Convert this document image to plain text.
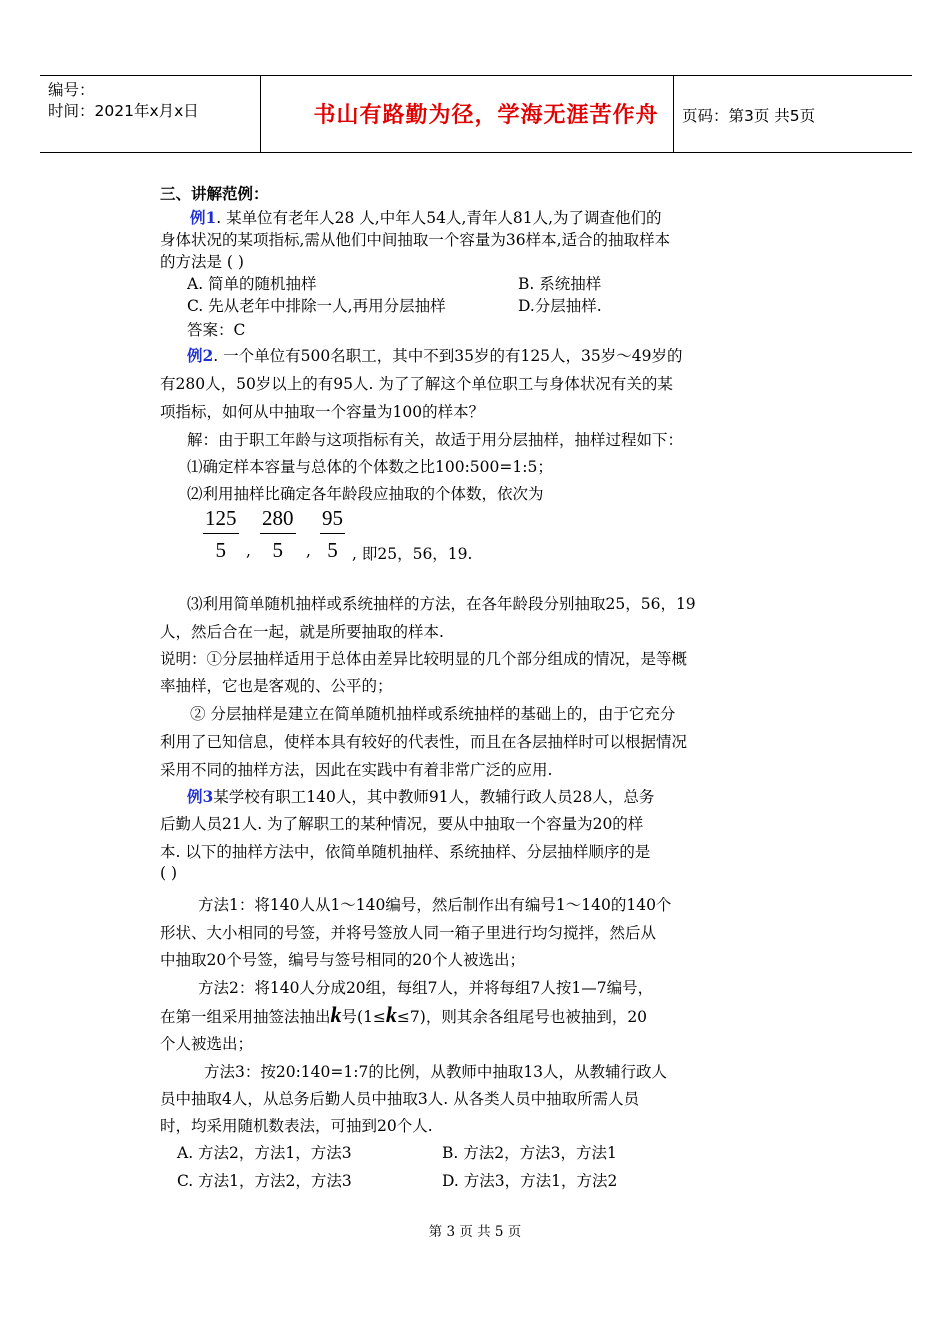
编号：
时间：2021年x月x日	书山有路勤为径，学海无涯苦作舟	页码：第3页 共5页
三、讲解范例：
例1. 某单位有老年人28 人,中年人54人,青年人81人,为了调查他们的
身体状况的某项指标,需从他们中间抽取一个容量为36样本,适合的抽取样本
的方法是 ( )
A. 简单的随机抽样	B. 系统抽样
C. 先从老年中排除一人,再用分层抽样	D.分层抽样.
答案：C
例2. 一个单位有500名职工，其中不到35岁的有125人，35岁～49岁的
有280人，50岁以上的有95人. 为了了解这个单位职工与身体状况有关的某
项指标，如何从中抽取一个容量为100的样本？
解：由于职工年龄与这项指标有关，故适于用分层抽样，抽样过程如下：
⑴确定样本容量与总体的个体数之比100:500=1:5；
⑵利用抽样比确定各年龄段应抽取的个体数，依次为
$\frac{125}{5}$ , $\frac{280}{5}$ , $\frac{95}{5}$ , 即25，56，19.
⑶利用简单随机抽样或系统抽样的方法，在各年龄段分别抽取25，56，19
人，然后合在一起，就是所要抽取的样本.
说明：①分层抽样适用于总体由差异比较明显的几个部分组成的情况，是等概
率抽样，它也是客观的、公平的；
② 分层抽样是建立在简单随机抽样或系统抽样的基础上的，由于它充分
利用了已知信息，使样本具有较好的代表性，而且在各层抽样时可以根据情况
采用不同的抽样方法，因此在实践中有着非常广泛的应用.
例3某学校有职工140人，其中教师91人，教辅行政人员28人，总务
后勤人员21人. 为了解职工的某种情况，要从中抽取一个容量为20的样
本. 以下的抽样方法中，依简单随机抽样、系统抽样、分层抽样顺序的是
( )
方法1：将140人从1～140编号，然后制作出有编号1～140的140个
形状、大小相同的号签，并将号签放人同一箱子里进行均匀搅拌，然后从
中抽取20个号签，编号与签号相同的20个人被选出；
方法2：将140人分成20组，每组7人，并将每组7人按1—7编号，
在第一组采用抽签法抽出k号(1≤k≤7)，则其余各组尾号也被抽到，20
个人被选出；
方法3：按20:140=1:7的比例，从教师中抽取13人，从教辅行政人
员中抽取4人，从总务后勤人员中抽取3人. 从各类人员中抽取所需人员
时，均采用随机数表法，可抽到20个人.
A. 方法2，方法1，方法3	B. 方法2，方法3，方法1
C. 方法1，方法2，方法3	D. 方法3，方法1，方法2
第 3 页 共 5 页
